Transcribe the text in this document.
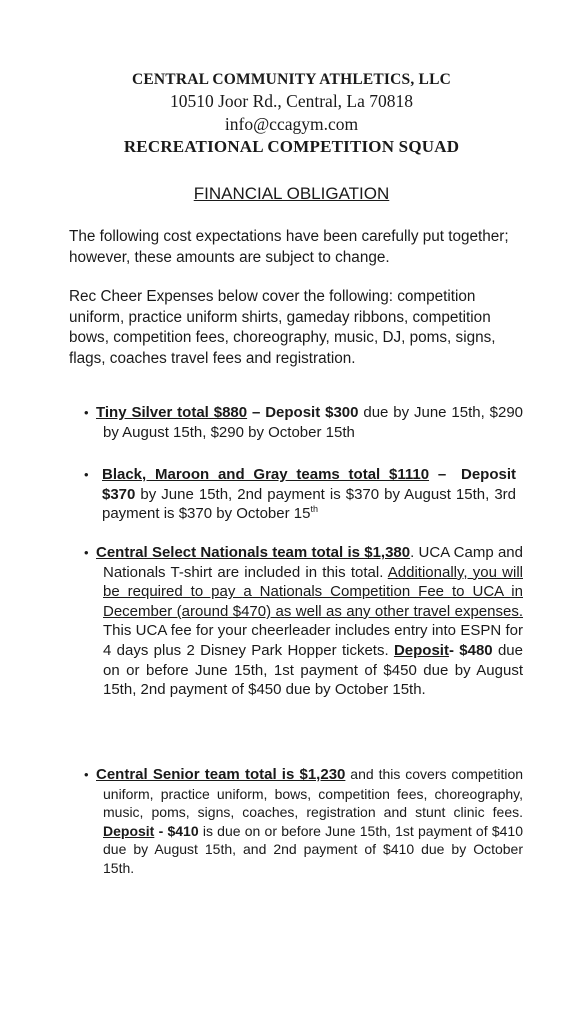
CENTRAL COMMUNITY ATHLETICS, LLC
10510 Joor Rd., Central, La 70818
info@ccagym.com
RECREATIONAL COMPETITION SQUAD
FINANCIAL OBLIGATION
The following cost expectations have been carefully put together; however, these amounts are subject to change.
Rec Cheer Expenses below cover the following: competition uniform, practice uniform shirts, gameday ribbons, competition bows, competition fees, choreography, music, DJ, poms, signs, flags, coaches travel fees and registration.
• Tiny Silver total $880 – Deposit $300 due by June 15th, $290 by August 15th, $290 by October 15th
• Black, Maroon and Gray teams total $1110 – Deposit $370 by June 15th, 2nd payment is $370 by August 15th, 3rd payment is $370 by October 15th
• Central Select Nationals team total is $1,380. UCA Camp and Nationals T-shirt are included in this total. Additionally, you will be required to pay a Nationals Competition Fee to UCA in December (around $470) as well as any other travel expenses. This UCA fee for your cheerleader includes entry into ESPN for 4 days plus 2 Disney Park Hopper tickets. Deposit- $480 due on or before June 15th, 1st payment of $450 due by August 15th, 2nd payment of $450 due by October 15th.
• Central Senior team total is $1,230 and this covers competition uniform, practice uniform, bows, competition fees, choreography, music, poms, signs, coaches, registration and stunt clinic fees. Deposit - $410 is due on or before June 15th, 1st payment of $410 due by August 15th, and 2nd payment of $410 due by October 15th.
